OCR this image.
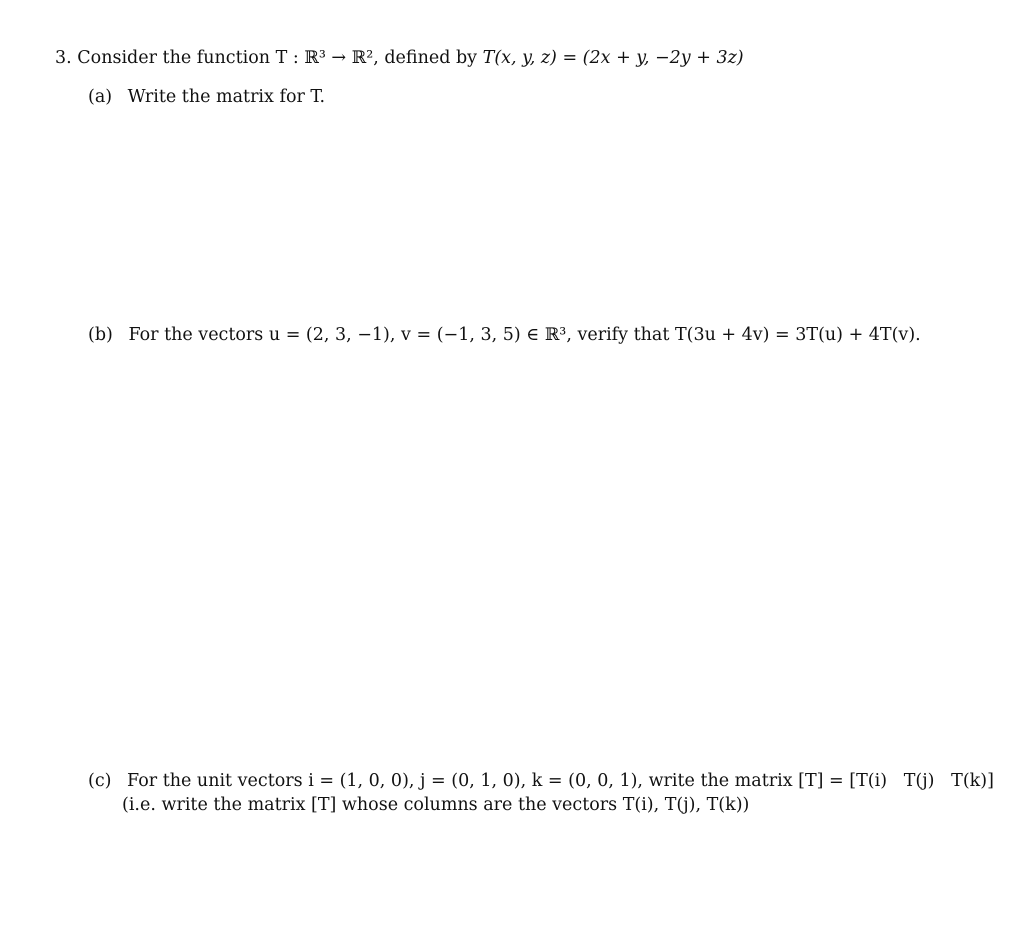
3. Consider the function T : ℝ³ → ℝ², defined by T(x, y, z) = (2x + y, −2y + 3z)
(a) Write the matrix for T.
(b) For the vectors u = (2, 3, −1), v = (−1, 3, 5) ∈ ℝ³, verify that T(3u + 4v) = 3T(u) + 4T(v).
(c) For the unit vectors i = (1, 0, 0), j = (0, 1, 0), k = (0, 0, 1), write the matrix [T] = [T(i)   T(j)   T(k)]
(i.e. write the matrix [T] whose columns are the vectors T(i), T(j), T(k))
